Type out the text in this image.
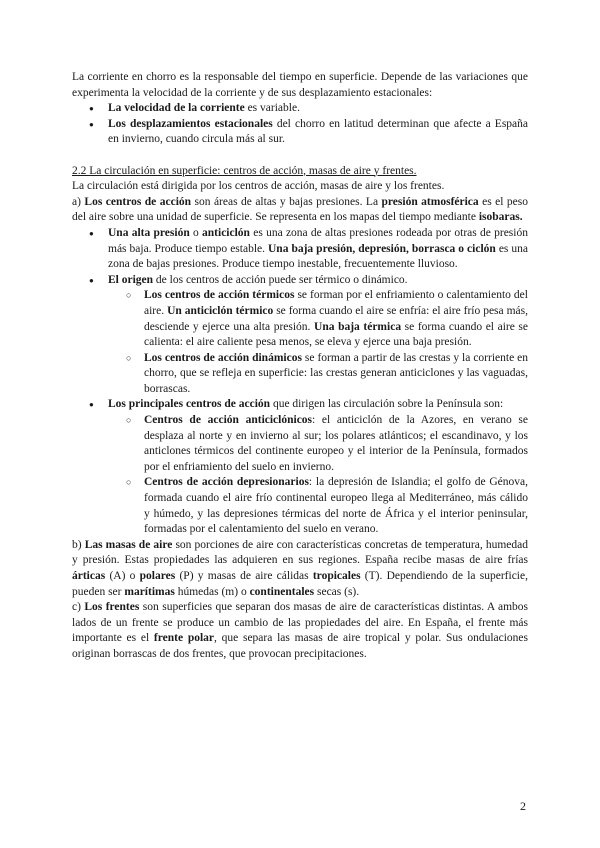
La corriente en chorro es la responsable del tiempo en superficie. Depende de las variaciones que experimenta la velocidad de la corriente y de sus desplazamiento estacionales:

● La velocidad de la corriente es variable.
● Los desplazamientos estacionales del chorro en latitud determinan que afecte a España en invierno, cuando circula más al sur.

2.2 La circulación en superficie: centros de acción, masas de aire y frentes.

La circulación está dirigida por los centros de acción, masas de aire y los frentes.

a) Los centros de acción son áreas de altas y bajas presiones. La presión atmosférica es el peso del aire sobre una unidad de superficie. Se representa en los mapas del tiempo mediante isobaras.

● Una alta presión o anticiclón es una zona de altas presiones rodeada por otras de presión más baja. Produce tiempo estable. Una baja presión, depresión, borrasca o ciclón es una zona de bajas presiones. Produce tiempo inestable, frecuentemente lluvioso.
● El origen de los centros de acción puede ser térmico o dinámico.
○ Los centros de acción térmicos se forman por el enfriamiento o calentamiento del aire. Un anticiclón térmico se forma cuando el aire se enfría: el aire frío pesa más, desciende y ejerce una alta presión. Una baja térmica se forma cuando el aire se calienta: el aire caliente pesa menos, se eleva y ejerce una baja presión.
○ Los centros de acción dinámicos se forman a partir de las crestas y la corriente en chorro, que se refleja en superficie: las crestas generan anticiclones y las vaguadas, borrascas.
● Los principales centros de acción que dirigen las circulación sobre la Península son:
○ Centros de acción anticiclónicos: el anticiclón de la Azores, en verano se desplaza al norte y en invierno al sur; los polares atlánticos; el escandinavo, y los anticlones térmicos del continente europeo y el interior de la Península, formados por el enfriamiento del suelo en invierno.
○ Centros de acción depresionarios: la depresión de Islandia; el golfo de Génova, formada cuando el aire frío continental europeo llega al Mediterráneo, más cálido y húmedo, y las depresiones térmicas del norte de África y el interior peninsular, formadas por el calentamiento del suelo en verano.

b) Las masas de aire son porciones de aire con características concretas de temperatura, humedad y presión. Estas propiedades las adquieren en sus regiones. España recibe masas de aire frías árticas (A) o polares (P) y masas de aire cálidas tropicales (T). Dependiendo de la superficie, pueden ser marítimas húmedas (m) o continentales secas (s).

c) Los frentes son superficies que separan dos masas de aire de características distintas. A ambos lados de un frente se produce un cambio de las propiedades del aire. En España, el frente más importante es el frente polar, que separa las masas de aire tropical y polar. Sus ondulaciones originan borrascas de dos frentes, que provocan precipitaciones.

2
